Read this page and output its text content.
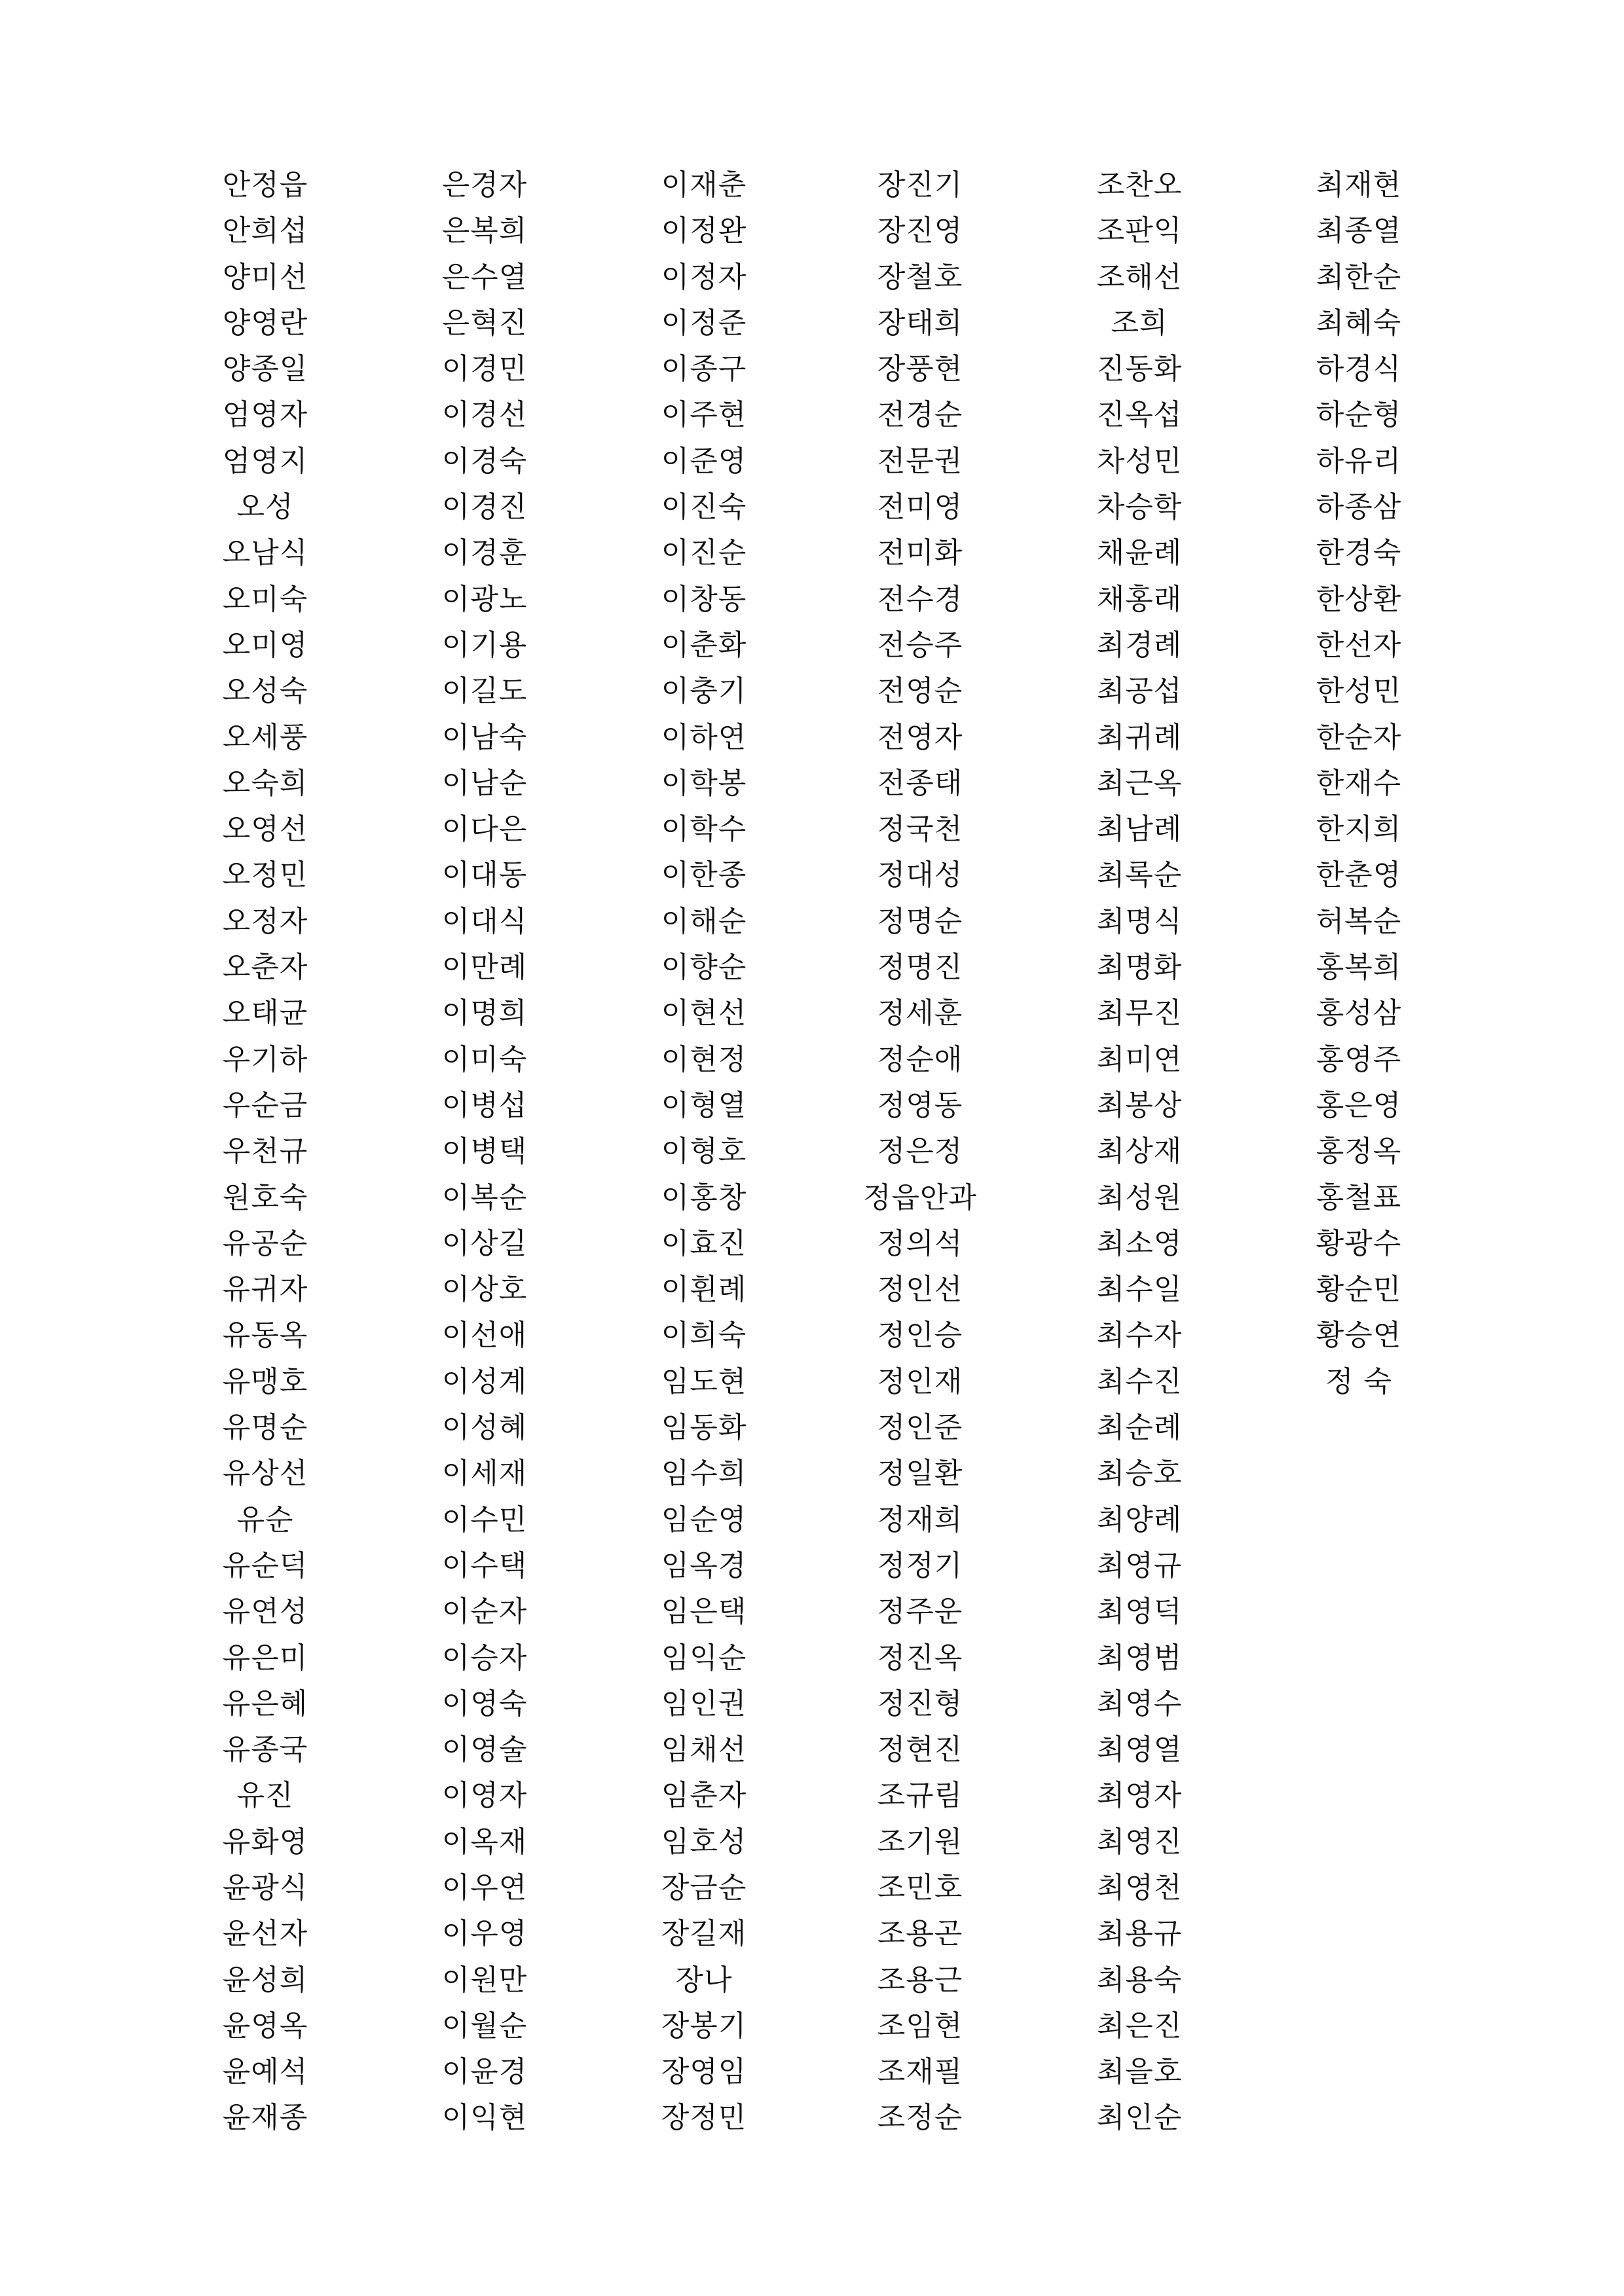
안정읍
안희섭
양미선
양영란
양종일
엄영자
엄영지
오성
오남식
오미숙
오미영
오성숙
오세풍
오숙희
오영선
오정민
오정자
오춘자
오태균
우기하
우순금
우천규
원호숙
유공순
유귀자
유동옥
유맹호
유명순
유상선
유순
유순덕
유연성
유은미
유은혜
유종국
유진
유화영
윤광식
윤선자
윤성희
윤영옥
윤예석
윤재종
은경자
은복희
은수열
은혁진
이경민
이경선
이경숙
이경진
이경훈
이광노
이기용
이길도
이남숙
이남순
이다은
이대동
이대식
이만례
이명희
이미숙
이병섭
이병택
이복순
이상길
이상호
이선애
이성계
이성혜
이세재
이수민
이수택
이순자
이승자
이영숙
이영술
이영자
이옥재
이우연
이우영
이원만
이월순
이윤경
이익현
이재춘
이정완
이정자
이정준
이종구
이주현
이준영
이진숙
이진순
이창동
이춘화
이충기
이하연
이학봉
이학수
이한종
이해순
이향순
이현선
이현정
이형열
이형호
이홍창
이효진
이휜례
이희숙
임도현
임동화
임수희
임순영
임옥경
임은택
임익순
임인권
임채선
임춘자
임호성
장금순
장길재
장나
장봉기
장영임
장정민
장진기
장진영
장철호
장태희
장풍현
전경순
전문권
전미영
전미화
전수경
전승주
전영순
전영자
전종태
정국천
정대성
정명순
정명진
정세훈
정순애
정영동
정은정
정읍안과
정의석
정인선
정인승
정인재
정인준
정일환
정재희
정정기
정주운
정진옥
정진형
정현진
조규림
조기원
조민호
조용곤
조용근
조임현
조재필
조정순
조찬오
조판익
조해선
조희
진동화
진옥섭
차성민
차승학
채윤례
채홍래
최경례
최공섭
최귀례
최근옥
최남례
최록순
최명식
최명화
최무진
최미연
최봉상
최상재
최성원
최소영
최수일
최수자
최수진
최순례
최승호
최양례
최영규
최영덕
최영범
최영수
최영열
최영자
최영진
최영천
최용규
최용숙
최은진
최을호
최인순
최재현
최종열
최한순
최혜숙
하경식
하순형
하유리
하종삼
한경숙
한상환
한선자
한성민
한순자
한재수
한지희
한춘영
허복순
홍복희
홍성삼
홍영주
홍은영
홍정옥
홍철표
황광수
황순민
황승연
정 숙
